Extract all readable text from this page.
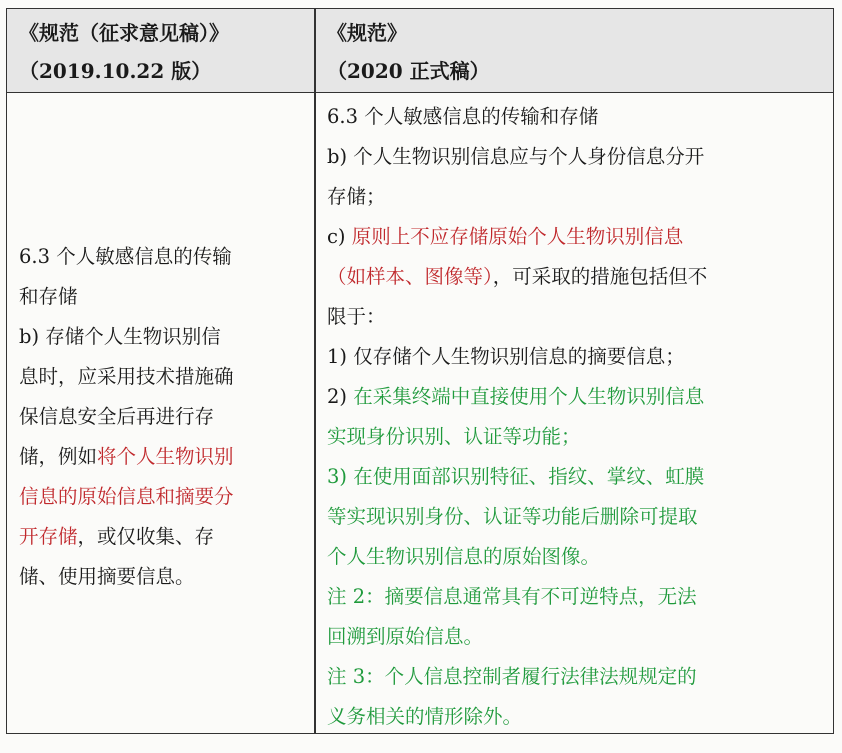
《规范（征求意见稿）》
（2019.10.22 版）
《规范》
（2020 正式稿）

6.3 个人敏感信息的传输
和存储

b) 存储个人生物识别信
息时，应采用技术措施确
保信息安全后再进行存
储，例如将个人生物识别
信息的原始信息和摘要分
开存储，或仅收集、存
储、使用摘要信息。

6.3 个人敏感信息的传输和存储

b) 个人生物识别信息应与个人身份信息分开
存储；

c) 原则上不应存储原始个人生物识别信息
（如样本、图像等），可采取的措施包括但不
限于：

1) 仅存储个人生物识别信息的摘要信息；

2) 在采集终端中直接使用个人生物识别信息
实现身份识别、认证等功能；

3) 在使用面部识别特征、指纹、掌纹、虹膜
等实现识别身份、认证等功能后删除可提取
个人生物识别信息的原始图像。

注 2：摘要信息通常具有不可逆特点，无法
回溯到原始信息。

注 3：个人信息控制者履行法律法规规定的
义务相关的情形除外。
